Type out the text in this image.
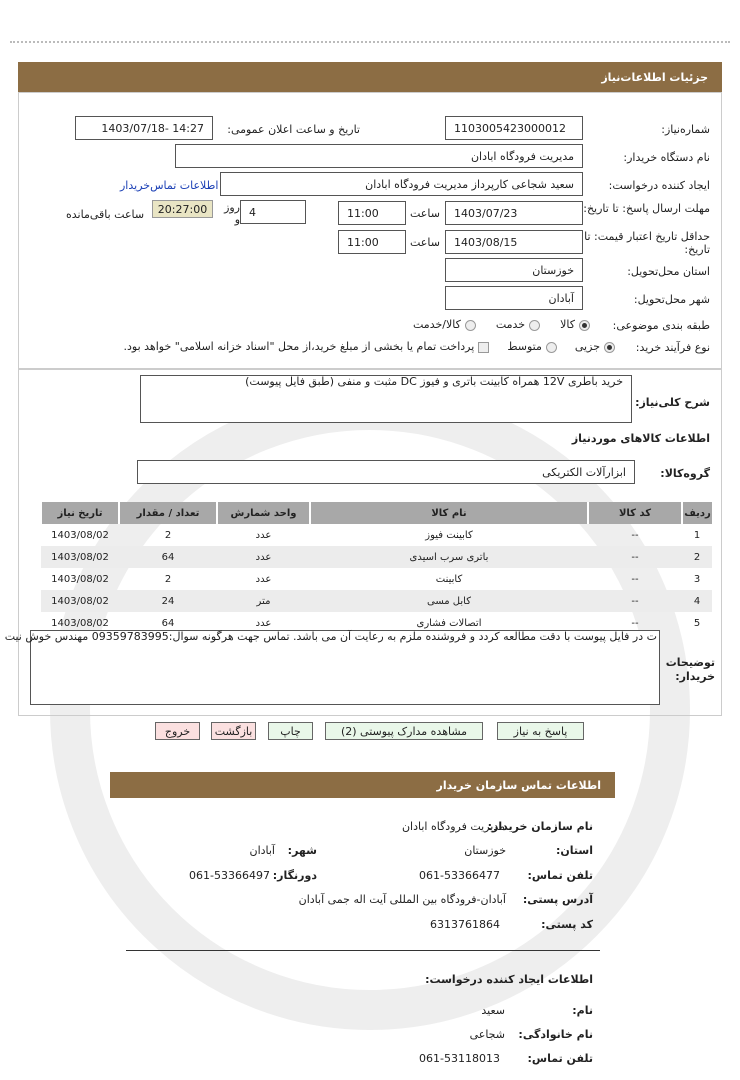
جزئیات اطلاعات‌نیاز
شماره‌نیاز:
1103005423000012
تاریخ و ساعت اعلان عمومی:
1403/07/18- 14:27
نام دستگاه خریدار:
مدیریت فرودگاه ابادان
ایجاد کننده درخواست:
سعید شجاعی کارپرداز مدیریت فرودگاه ابادان
اطلاعات تماس‌خریدار
مهلت ارسال پاسخ: تا تاریخ:
1403/07/23
ساعت
11:00
روز و
4
20:27:00
ساعت باقی‌مانده
حداقل تاریخ اعتبار قیمت: تا تاریخ:
1403/08/15
ساعت
11:00
استان محل‌تحویل:
خوزستان
شهر محل‌تحویل:
آبادان
طبقه بندی موضوعی:
کالا
خدمت
کالا/خدمت
نوع فرآیند خرید:
جزیی
متوسط
پرداخت تمام یا بخشی از مبلغ خرید،از محل "اسناد خزانه اسلامی" خواهد بود.
شرح کلی‌نیاز:
خرید باطری 12V همراه کابینت باتری و فیوز DC مثبت و منفی (طبق فایل پیوست)
اطلاعات کالاهای موردنیاز
گروه‌کالا:
ابزارآلات الکتریکی
ردیف	کد کالا	نام کالا	واحد شمارش	تعداد / مقدار	تاریخ نیاز
1	--	کابینت فیوز	عدد	2	1403/08/02
2	--	باتری سرب اسیدی	عدد	64	1403/08/02
3	--	کابینت	عدد	2	1403/08/02
4	--	کابل مسی	متر	24	1403/08/02
5	--	اتصالات فشاری	عدد	64	1403/08/02
توضیحات خریدار:
ت در فایل پیوست با دقت مطالعه کردد و فروشنده ملزم به رعایت آن می باشد. تماس جهت هرگونه سوال:09359783995 مهندس خوش نیت
پاسخ به نیاز
مشاهده مدارک پیوستی (2)
چاپ
بازگشت
خروج
اطلاعات تماس سازمان خریدار
نام سازمان خریدار:
مدیریت فرودگاه ابادان
استان:
خوزستان
شهر:
آبادان
تلفن تماس:
061-53366477
دورنگار:
061-53366497
آدرس پستی:
آبادان-فرودگاه بین المللی آیت اله جمی آبادان
کد پستی:
6313761864
اطلاعات ایجاد کننده درخواست:
نام:
سعید
نام خانوادگی:
شجاعی
تلفن تماس:
061-53118013
